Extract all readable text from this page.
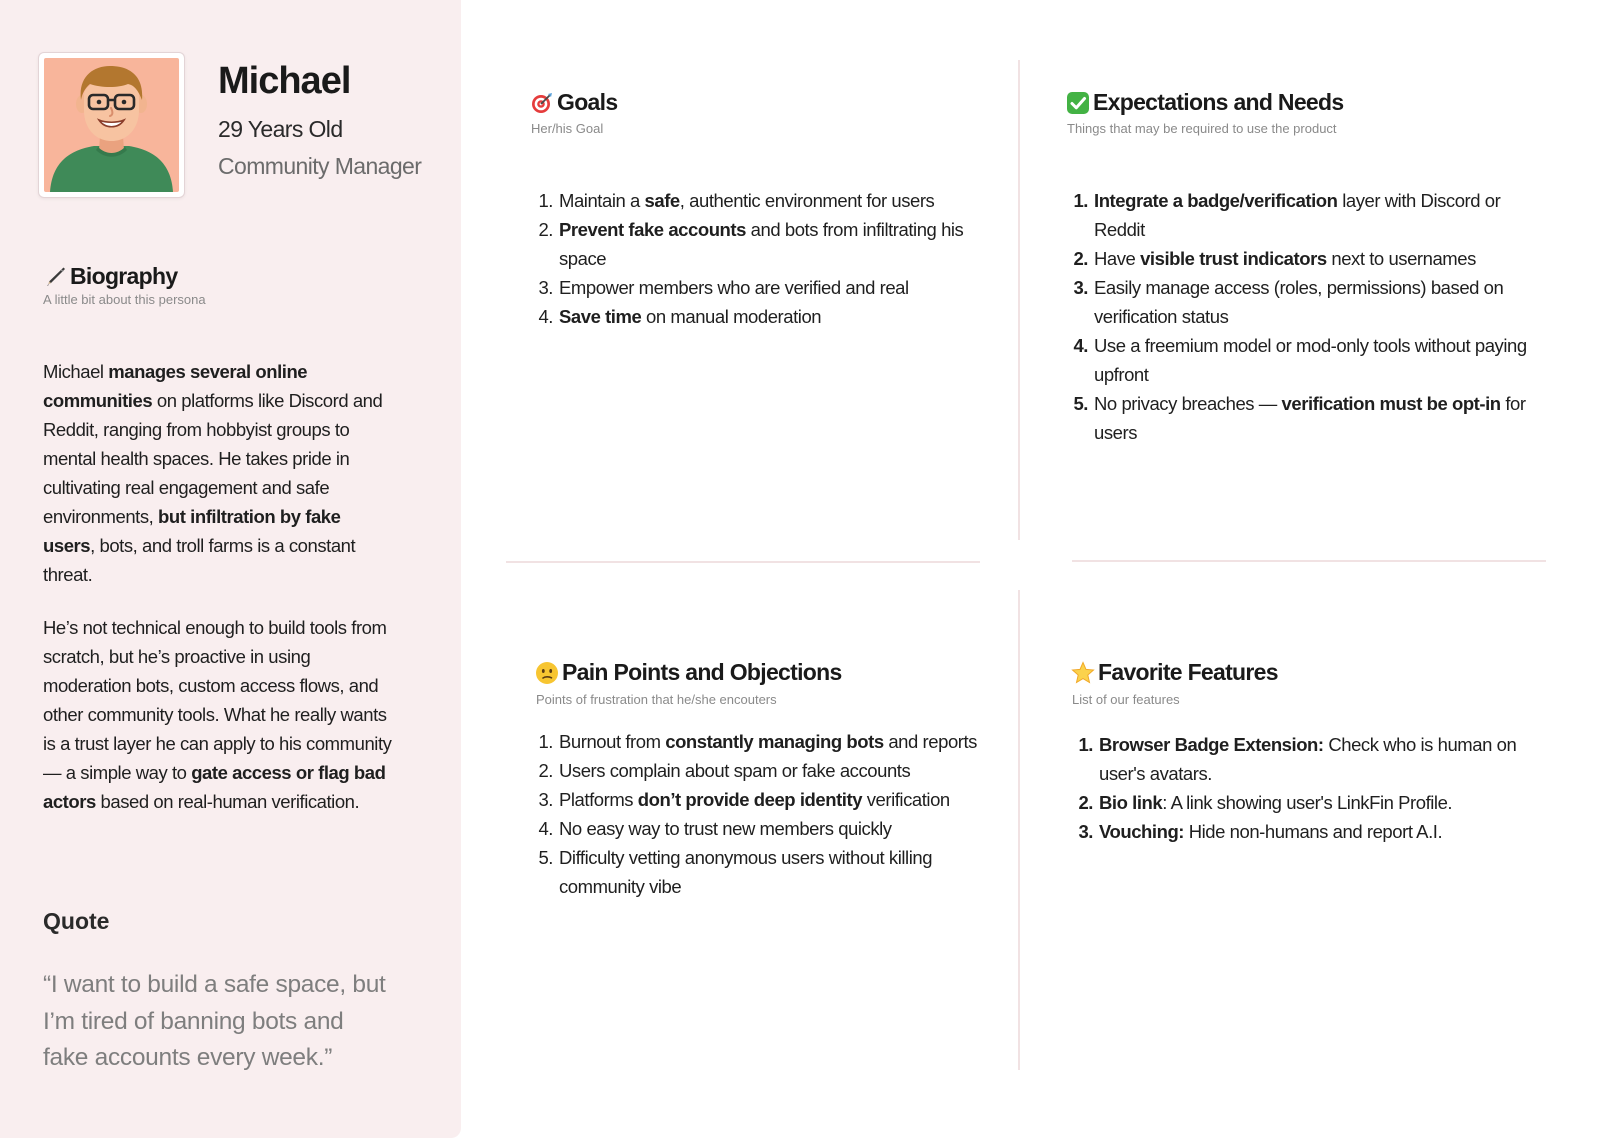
Michael
29 Years Old
Community Manager
Biography
A little bit about this persona

Michael manages several online communities on platforms like Discord and Reddit, ranging from hobbyist groups to mental health spaces. He takes pride in cultivating real engagement and safe environments, but infiltration by fake users, bots, and troll farms is a constant threat.

He’s not technical enough to build tools from scratch, but he’s proactive in using moderation bots, custom access flows, and other community tools. What he really wants is a trust layer he can apply to his community — a simple way to gate access or flag bad actors based on real-human verification.

Quote

“I want to build a safe space, but I’m tired of banning bots and fake accounts every week.”

Goals
Her/his Goal
1. Maintain a safe, authentic environment for users
2. Prevent fake accounts and bots from infiltrating his space
3. Empower members who are verified and real
4. Save time on manual moderation
Expectations and Needs
Things that may be required to use the product
1. Integrate a badge/verification layer with Discord or Reddit
2. Have visible trust indicators next to usernames
3. Easily manage access (roles, permissions) based on verification status
4. Use a freemium model or mod-only tools without paying upfront
5. No privacy breaches — verification must be opt-in for users
Pain Points and Objections
Points of frustration that he/she encouters
1. Burnout from constantly managing bots and reports
2. Users complain about spam or fake accounts
3. Platforms don’t provide deep identity verification
4. No easy way to trust new members quickly
5. Difficulty vetting anonymous users without killing community vibe
Favorite Features
List of our features
1. Browser Badge Extension: Check who is human on user's avatars.
2. Bio link: A link showing user's LinkFin Profile.
3. Vouching: Hide non-humans and report A.I.
